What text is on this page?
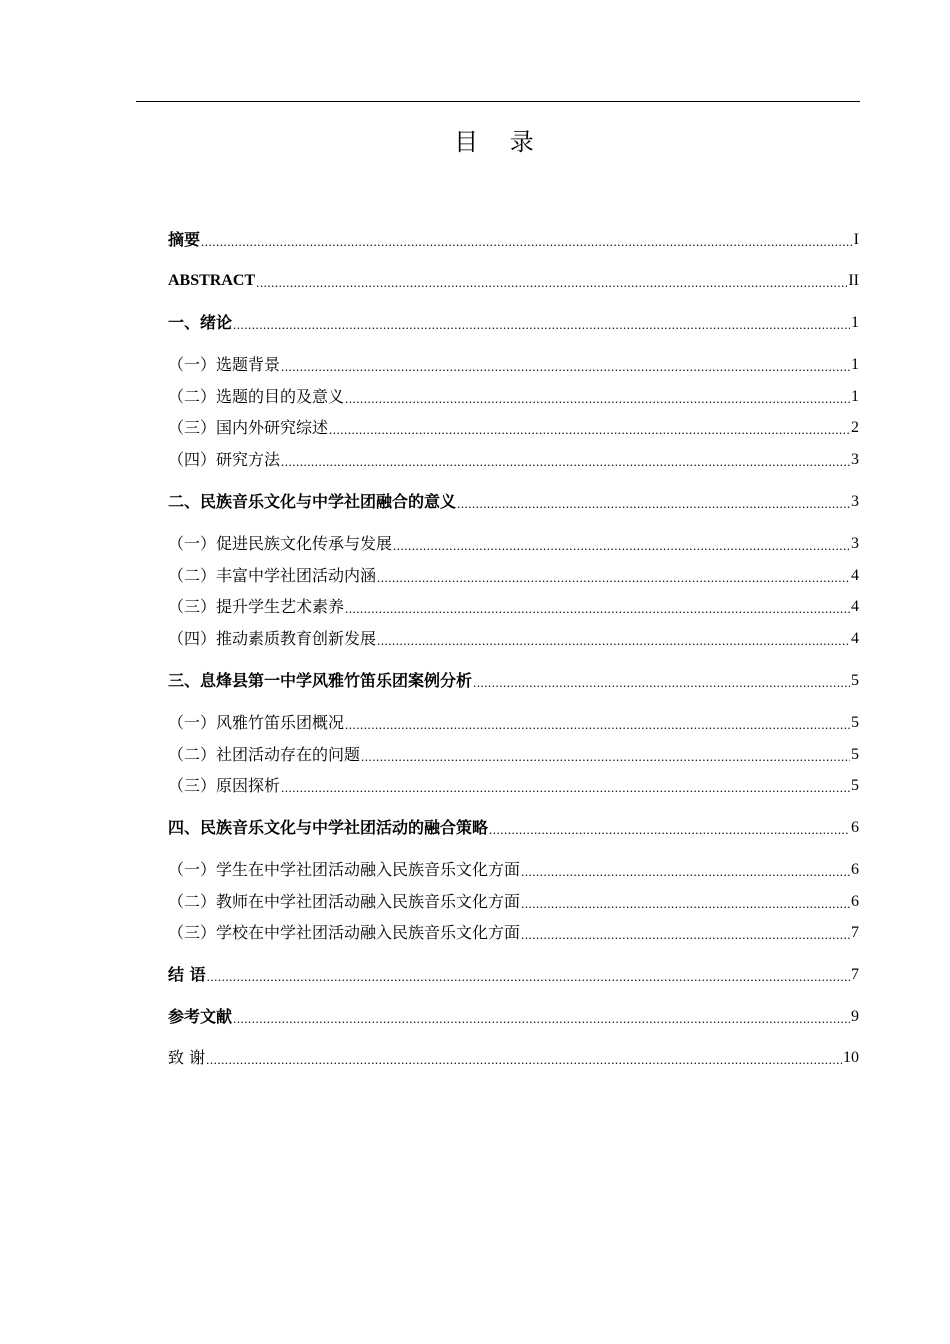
目 录
摘要 .....	I
ABSTRACT .....	II
一、绪论 .....	1
（一）选题背景 .....	1
（二）选题的目的及意义 .....	1
（三）国内外研究综述 .....	2
（四）研究方法 .....	3
二、民族音乐文化与中学社团融合的意义 .....	3
（一）促进民族文化传承与发展 .....	3
（二）丰富中学社团活动内涵 .....	4
（三）提升学生艺术素养 .....	4
（四）推动素质教育创新发展 .....	4
三、息烽县第一中学风雅竹笛乐团案例分析 .....	5
（一）风雅竹笛乐团概况 .....	5
（二）社团活动存在的问题 .....	5
（三）原因探析 .....	5
四、民族音乐文化与中学社团活动的融合策略 .....	6
（一）学生在中学社团活动融入民族音乐文化方面 .....	6
（二）教师在中学社团活动融入民族音乐文化方面 .....	6
（三）学校在中学社团活动融入民族音乐文化方面 .....	7
结 语 .....	7
参考文献 .....	9
致 谢 .....	10
